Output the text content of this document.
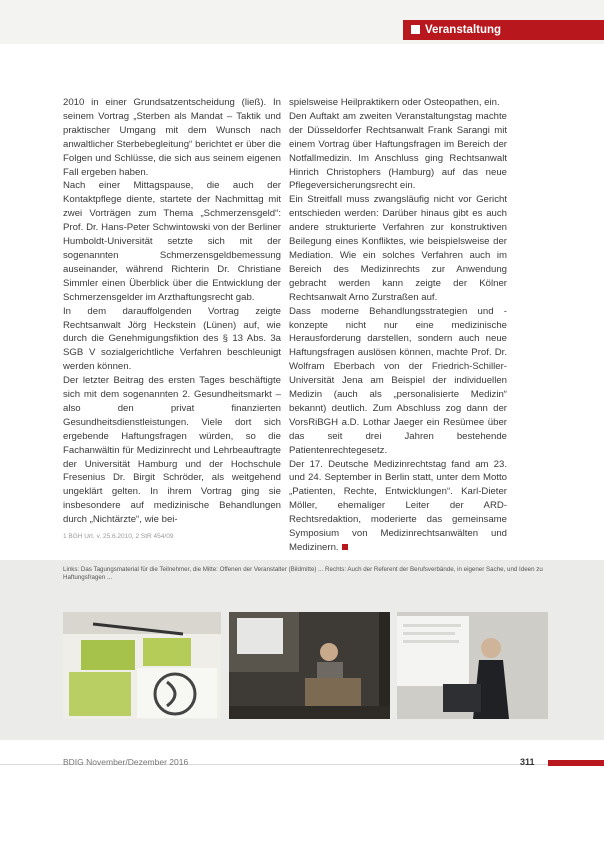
Veranstaltung

2010 in einer Grundsatzentscheidung (ließ). In seinem Vortrag „Sterben als Mandat – Taktik und praktischer Umgang mit dem Wunsch nach anwaltlicher Sterbebegleitung“ berichtet er über die Folgen und Schlüsse, die sich aus seinem eigenen Fall ergeben haben.

Nach einer Mittagspause, die auch der Kontaktpflege diente, startete der Nachmittag mit zwei Vorträgen zum Thema „Schmerzensgeld“: Prof. Dr. Hans-Peter Schwintowski von der Berliner Humboldt-Universität setzte sich mit der sogenannten Schmerzensgeldbemessung auseinander, während Richterin Dr. Christiane Simmler einen Überblick über die Entwicklung der Schmerzensgelder im Arzthaftungsrecht gab.

In dem darauffolgenden Vortrag zeigte Rechtsanwalt Jörg Heckstein (Lünen) auf, wie durch die Genehmigungsfiktion des § 13 Abs. 3a SGB V sozialgerichtliche Verfahren beschleunigt werden können.

Der letzter Beitrag des ersten Tages beschäftigte sich mit dem sogenannten 2. Gesundheitsmarkt – also den privat finanzierten Gesundheitsdienstleistungen. Viele dort sich ergebende Haftungsfragen würden, so die Fachanwältin für Medizinrecht und Lehrbeauftragte der Universität Hamburg und der Hochschule Fresenius Dr. Birgit Schröder, als weitgehend ungeklärt gelten. In ihrem Vortrag ging sie insbesondere auf medizinische Behandlungen durch „Nichtärzte“, wie bei-

spielsweise Heilpraktikern oder Osteopathen, ein.

Den Auftakt am zweiten Veranstaltungstag machte der Düsseldorfer Rechtsanwalt Frank Sarangi mit einem Vortrag über Haftungsfragen im Bereich der Notfallmedizin. Im Anschluss ging Rechtsanwalt Hinrich Christophers (Hamburg) auf das neue Pflegeversicherungsrecht ein.

Ein Streitfall muss zwangsläufig nicht vor Gericht entschieden werden: Darüber hinaus gibt es auch andere strukturierte Verfahren zur konstruktiven Beilegung eines Konfliktes, wie beispielsweise der Mediation. Wie ein solches Verfahren auch im Bereich des Medizinrechts zur Anwendung gebracht werden kann zeigte der Kölner Rechtsanwalt Arno Zurstraßen auf.

Dass moderne Behandlungsstrategien und -konzepte nicht nur eine medizinische Herausforderung darstellen, sondern auch neue Haftungsfragen auslösen können, machte Prof. Dr. Wolfram Eberbach von der Friedrich-Schiller-Universität Jena am Beispiel der individuellen Medizin (auch als „personalisierte Medizin“ bekannt) deutlich. Zum Abschluss zog dann der VorsRiBGH a.D. Lothar Jaeger ein Resümee über das seit drei Jahren bestehende Patientenrechtegesetz.

Der 17. Deutsche Medizinrechtstag fand am 23. und 24. September in Berlin statt, unter dem Motto „Patienten, Rechte, Entwicklungen“. Karl-Dieter Möller, ehemaliger Leiter der ARD-Rechtsredaktion, moderierte das gemeinsame Symposium von Medizinrechtsanwälten und Medizinern.

1 BGH Urt. v. 25.6.2010, 2 StR 454/09
Links: Das Tagungsmaterial für die Teilnehmer, die Mitte: Offenen der Veranstalter (Bildmitte) ... Rechts: Auch der Referent der Berufsverbände, in eigener Sache, und Ideen zu Haftungsfragen ...
BDIG November/Dezember 2016	311
